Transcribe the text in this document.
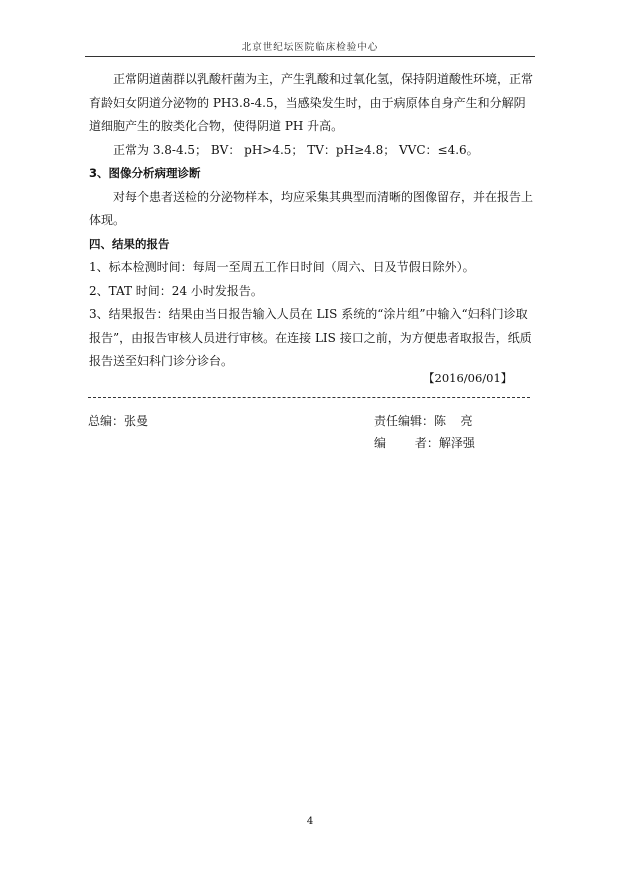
北京世纪坛医院临床检验中心

正常阴道菌群以乳酸杆菌为主，产生乳酸和过氧化氢，保持阴道酸性环境，正常育龄妇女阴道分泌物的 PH3.8-4.5，当感染发生时，由于病原体自身产生和分解阴道细胞产生的胺类化合物，使得阴道 PH 升高。

正常为 3.8-4.5； BV： pH>4.5； TV：pH≥4.8； VVC：≤4.6。

3、图像分析病理诊断

对每个患者送检的分泌物样本，均应采集其典型而清晰的图像留存，并在报告上体现。

四、结果的报告

1、标本检测时间：每周一至周五工作日时间（周六、日及节假日除外）。

2、TAT 时间：24 小时发报告。

3、结果报告：结果由当日报告输入人员在 LIS 系统的“涂片组”中输入“妇科门诊取报告”，由报告审核人员进行审核。在连接 LIS 接口之前，为方便患者取报告，纸质报告送至妇科门诊分诊台。

【2016/06/01】
总编：张曼	责任编辑：陈  亮
编    者：解泽强
4
